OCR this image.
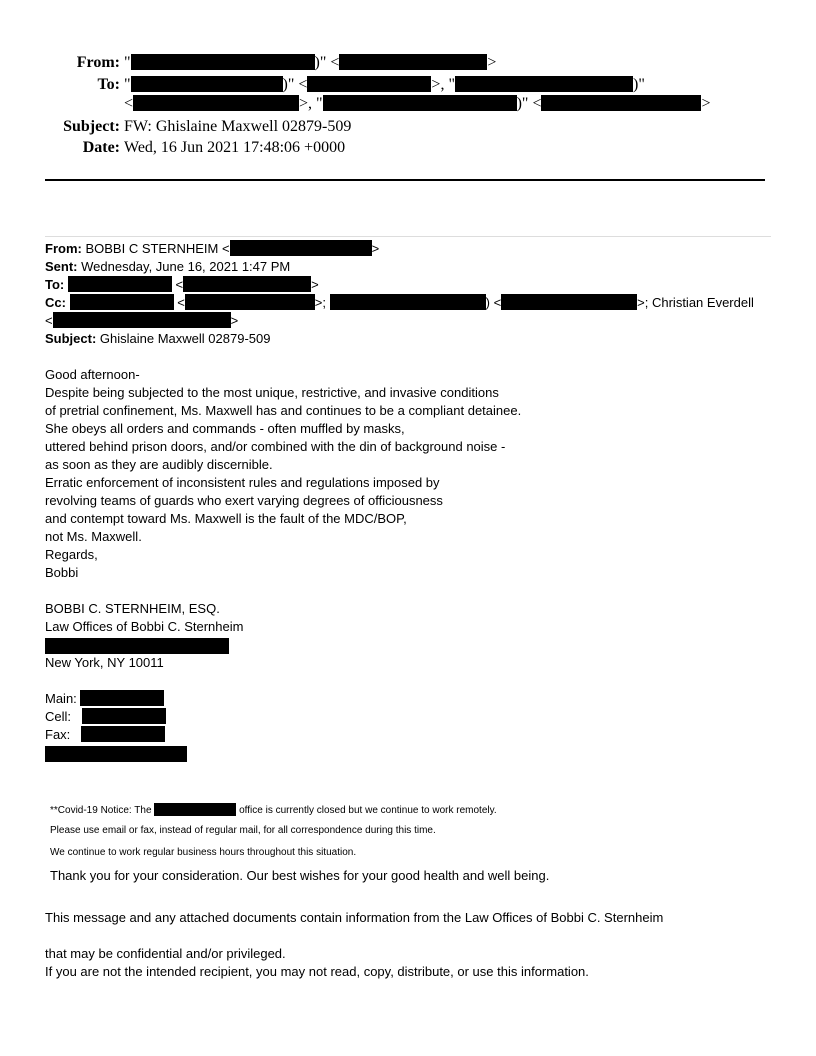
From: "	)" <	>
To: "	)" <	>, "	)"
<	>, "	)" <	>
Subject: FW: Ghislaine Maxwell 02879-509
Date: Wed, 16 Jun 2021 17:48:06 +0000
From: BOBBI C STERNHEIM <	>
Sent: Wednesday, June 16, 2021 1:47 PM
To:	<	>
Cc:	<	>;	) <	>; Christian Everdell
<	>
Subject: Ghislaine Maxwell 02879-509
Good afternoon-
Despite being subjected to the most unique, restrictive, and invasive conditions
of pretrial confinement, Ms. Maxwell has and continues to be a compliant detainee.
She obeys all orders and commands - often muffled by masks,
uttered behind prison doors, and/or combined with the din of background noise -
as soon as they are audibly discernible.
Erratic enforcement of inconsistent rules and regulations imposed by
revolving teams of guards who exert varying degrees of officiousness
and contempt toward Ms. Maxwell is the fault of the MDC/BOP,
not Ms. Maxwell.
Regards,
Bobbi
BOBBI C. STERNHEIM, ESQ.
Law Offices of Bobbi C. Sternheim
New York, NY 10011
Main:
Cell:
Fax:
**Covid-19 Notice: The	office is currently closed but we continue to work remotely.
Please use email or fax, instead of regular mail, for all correspondence during this time.
We continue to work regular business hours throughout this situation.
Thank you for your consideration. Our best wishes for your good health and well being.
This message and any attached documents contain information from the Law Offices of Bobbi C. Sternheim
that may be confidential and/or privileged.
If you are not the intended recipient, you may not read, copy, distribute, or use this information.
